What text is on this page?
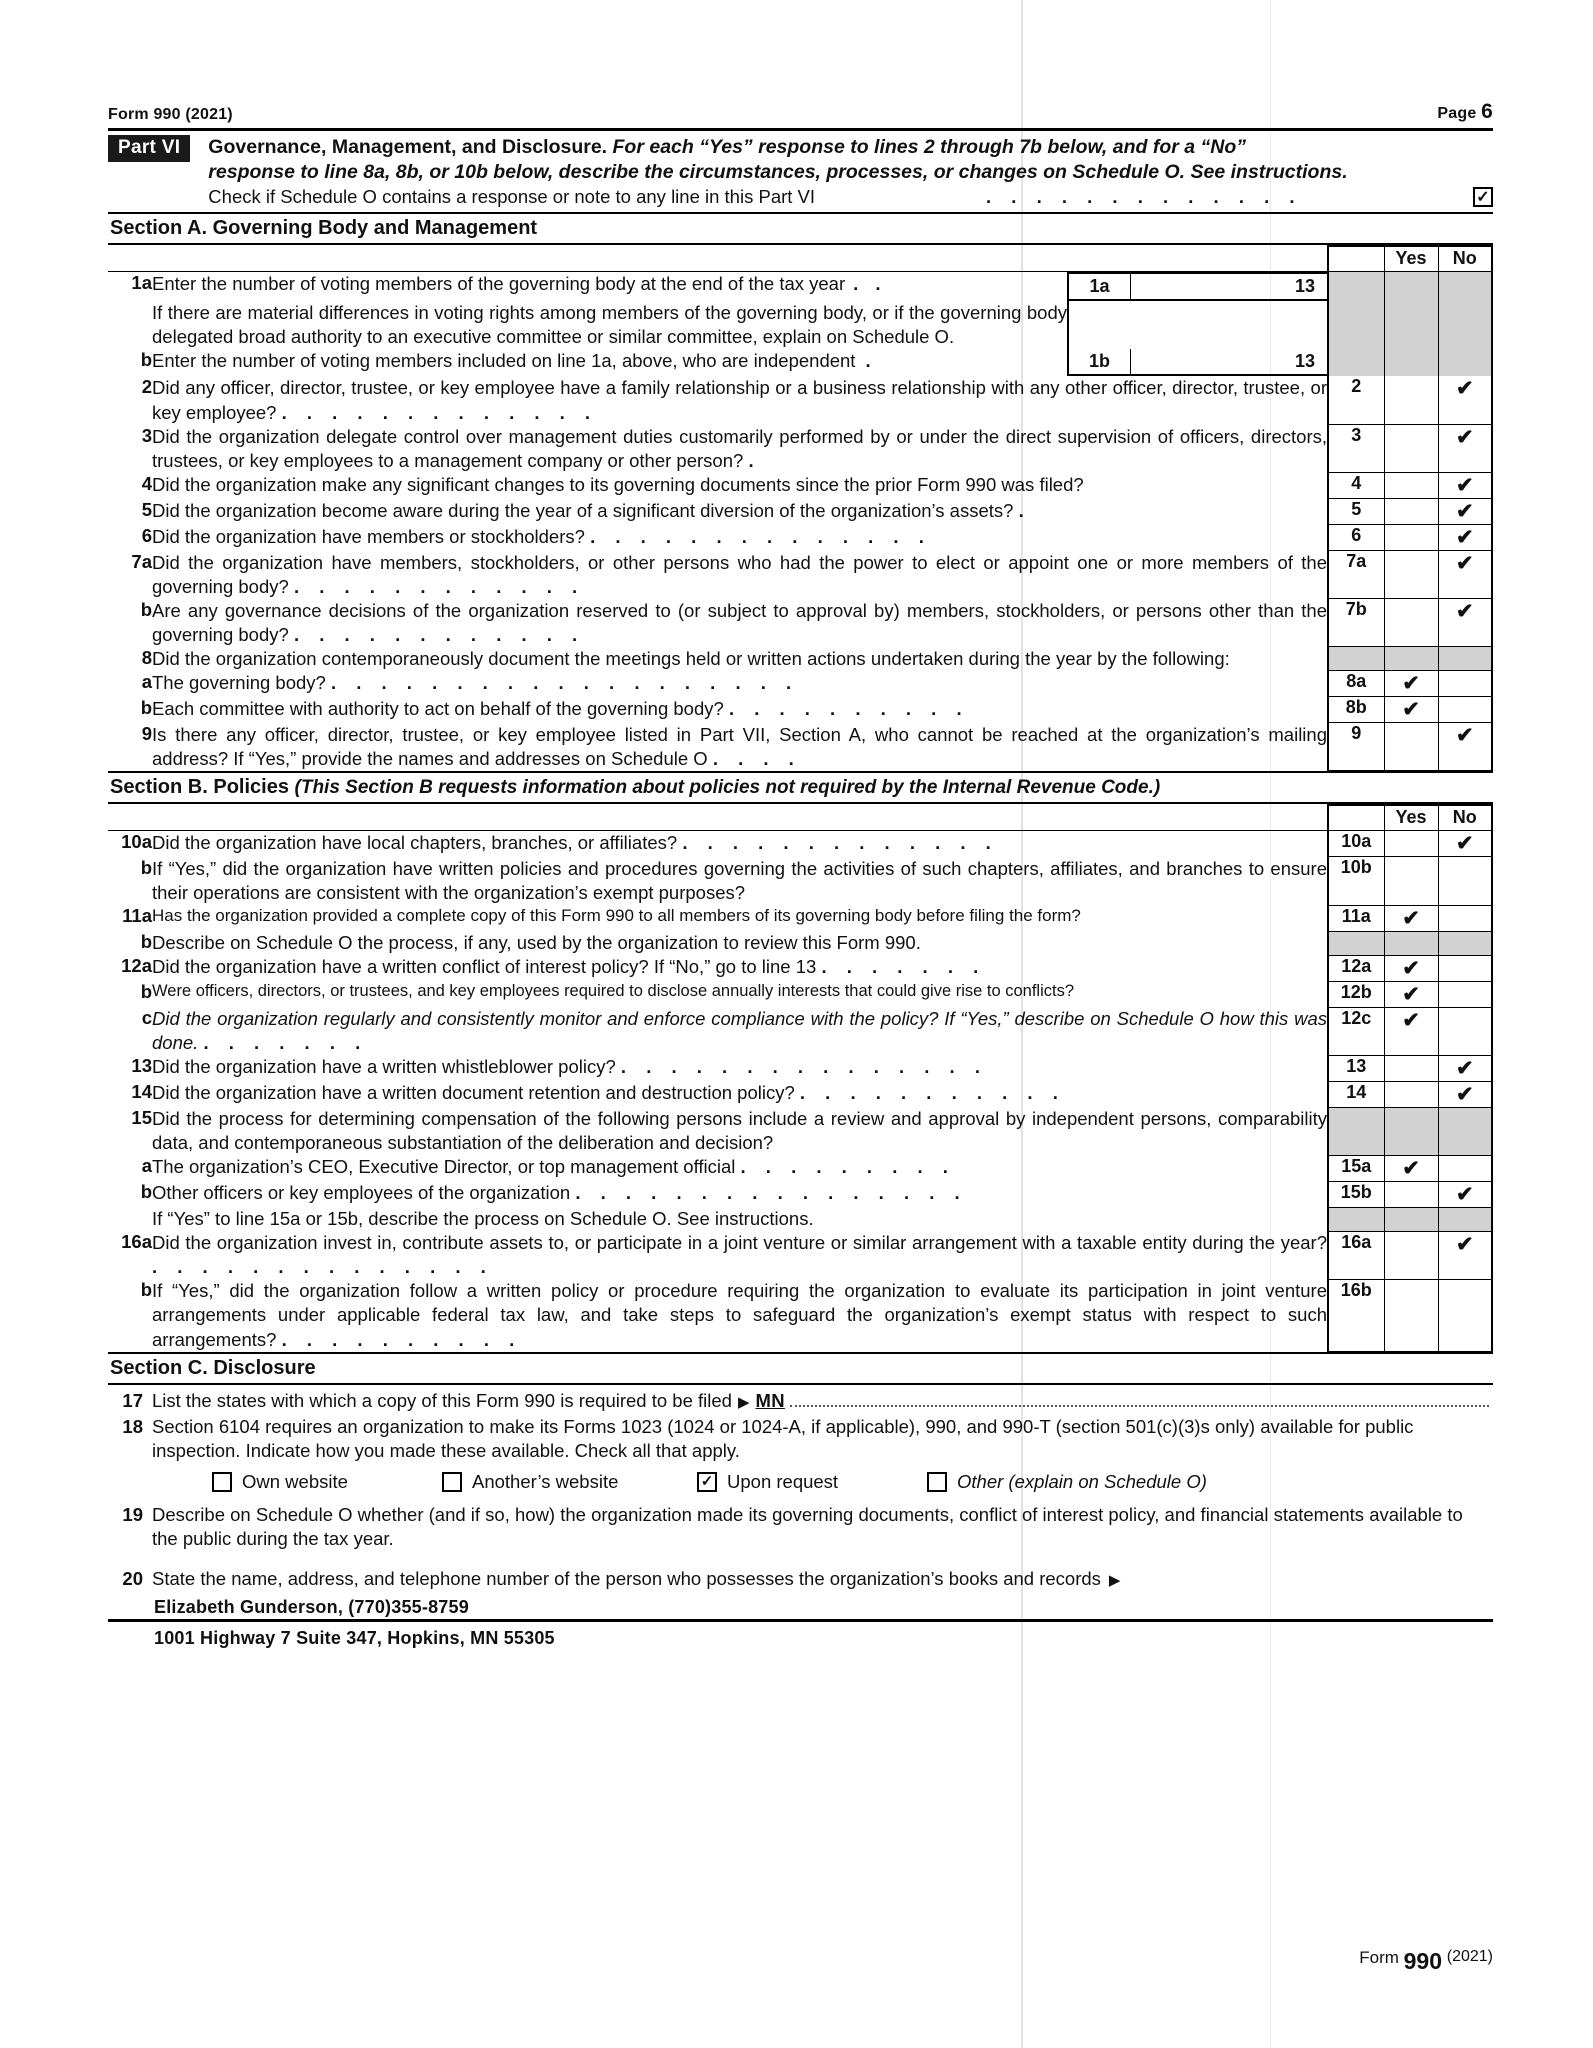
Form 990 (2021)	Page 6
Part VI	Governance, Management, and Disclosure. For each “Yes” response to lines 2 through 7b below, and for a “No”
response to line 8a, 8b, or 10b below, describe the circumstances, processes, or changes on Schedule O. See instructions.

Check if Schedule O contains a response or note to any line in this Part VI	. . . . . . . . . . . . .	✓
Section A. Governing Body and Management
			Yes	No
1a	Enter the number of voting members of the governing body at the end of the tax year . . 1a 13			

	If there are material differences in voting rights among members of the governing body, or if the governing body delegated broad authority to an executive committee or similar committee, explain on Schedule O.			

b	Enter the number of voting members included on line 1a, above, who are independent . 1b 13			

2	Did any officer, director, trustee, or key employee have a family relationship or a business relationship with any other officer, director, trustee, or key employee? . . . . . . . . . . . . .	2		✔
3	Did the organization delegate control over management duties customarily performed by or under the direct supervision of officers, directors, trustees, or key employees to a management company or other person? .	3		✔
4	Did the organization make any significant changes to its governing documents since the prior Form 990 was filed?	4		✔
5	Did the organization become aware during the year of a significant diversion of the organization’s assets? .	5		✔
6	Did the organization have members or stockholders? . . . . . . . . . . . . . .	6		✔
7a	Did the organization have members, stockholders, or other persons who had the power to elect or appoint one or more members of the governing body? . . . . . . . . . . . .	7a		✔
b	Are any governance decisions of the organization reserved to (or subject to approval by) members, stockholders, or persons other than the governing body? . . . . . . . . . . . .	7b		✔
8	Did the organization contemporaneously document the meetings held or written actions undertaken during the year by the following:			
a	The governing body? . . . . . . . . . . . . . . . . . . .	8a	✔	
b	Each committee with authority to act on behalf of the governing body? . . . . . . . . . .	8b	✔	
9	Is there any officer, director, trustee, or key employee listed in Part VII, Section A, who cannot be reached at the organization’s mailing address? If “Yes,” provide the names and addresses on Schedule O . . . .	9		✔
Section B. Policies (This Section B requests information about policies not required by the Internal Revenue Code.)
			Yes	No
10a	Did the organization have local chapters, branches, or affiliates? . . . . . . . . . . . . .	10a		✔
b	If “Yes,” did the organization have written policies and procedures governing the activities of such chapters, affiliates, and branches to ensure their operations are consistent with the organization’s exempt purposes?	10b		
11a	Has the organization provided a complete copy of this Form 990 to all members of its governing body before filing the form?	11a	✔	
b	Describe on Schedule O the process, if any, used by the organization to review this Form 990.			
12a	Did the organization have a written conflict of interest policy? If “No,” go to line 13 . . . . . . .	12a	✔	
b	Were officers, directors, or trustees, and key employees required to disclose annually interests that could give rise to conflicts?	12b	✔	
c	Did the organization regularly and consistently monitor and enforce compliance with the policy? If “Yes,” describe on Schedule O how this was done. . . . . . . .	12c	✔	
13	Did the organization have a written whistleblower policy? . . . . . . . . . . . . . . .	13		✔
14	Did the organization have a written document retention and destruction policy? . . . . . . . . . . .	14		✔
15	Did the process for determining compensation of the following persons include a review and approval by independent persons, comparability data, and contemporaneous substantiation of the deliberation and decision?			
a	The organization’s CEO, Executive Director, or top management official . . . . . . . . .	15a	✔	
b	Other officers or key employees of the organization . . . . . . . . . . . . . . . .	15b		✔
	If “Yes” to line 15a or 15b, describe the process on Schedule O. See instructions.			
16a	Did the organization invest in, contribute assets to, or participate in a joint venture or similar arrangement with a taxable entity during the year? . . . . . . . . . . . . . .	16a		✔
b	If “Yes,” did the organization follow a written policy or procedure requiring the organization to evaluate its participation in joint venture arrangements under applicable federal tax law, and take steps to safeguard the organization’s exempt status with respect to such arrangements? . . . . . . . . . .	16b		
Section C. Disclosure
17 List the states with which a copy of this Form 990 is required to be filed ▶ MN
18 Section 6104 requires an organization to make its Forms 1023 (1024 or 1024-A, if applicable), 990, and 990-T (section 501(c)(3)s only) available for public inspection. Indicate how you made these available. Check all that apply.
Own website	Another’s website	✓ Upon request	Other (explain on Schedule O)
19 Describe on Schedule O whether (and if so, how) the organization made its governing documents, conflict of interest policy, and financial statements available to the public during the tax year.
20 State the name, address, and telephone number of the person who possesses the organization’s books and records ▶
Elizabeth Gunderson, (770)355-8759
1001 Highway 7 Suite 347, Hopkins, MN 55305
Form
990
(2021)
